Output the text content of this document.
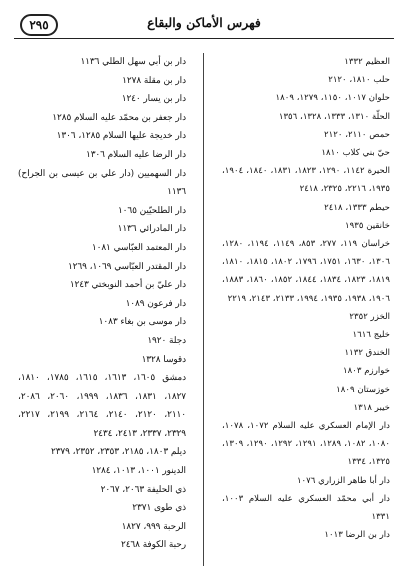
فهرس الأماكن والبقاع
٢٩٥

العظيم ١٣٣٢

حلب ١٨١٠، ٢١٢٠

حلوان ١٠١٧، ١١٥٠، ١٢٧٩، ١٨٠٩

الحلّة ١٣١٠، ١٣٣٣، ١٣٢٨، ١٣٥٦

حمص ٢١١٠، ٢١٢٠

حيّ بني كلاب ١٨١٠

الحيرة ١١٤٢، ١٢٩٠، ١٨٢٣، ١٨٣١، ١٨٤٠، ١٩٠٤، ١٩٣٥، ٢٢١٦، ٢٣٢٥، ٢٤١٨

حيطم ١٣٣٣، ٢٤١٨

خانقين ١٩٣٥

خراسان ١١٩، ٢٧٧، ٨٥٣، ١١٤٩، ١١٩٤، ١٢٨٠، ١٣٠٦، ١٦٣٠، ١٧٥١، ١٧٩٦، ١٨٠٢، ١٨١٥، ١٨١٠، ١٨١٩، ١٨٢٣، ١٨٣٤، ١٨٤٤، ١٨٥٢، ١٨٦٠، ١٨٨٣، ١٩٠٦، ١٩٣٨، ١٩٣٥، ١٩٩٤، ٢١٣٣، ٢١٤٣، ٢٢١٩

الخزر ٢٣٥٢

خليج ١٦١٦

الخندق ١١٣٢

خوارزم ١٨٠٣

خوزستان ١٨٠٩

خيبر ١٣١٨

دار الإمام العسكري عليه السلام ١٠٧٢، ١٠٧٨، ١٠٨٠، ١٠٨٢، ١٢٨٩، ١٢٩١، ١٢٩٢، ١٢٩٠، ١٣٠٩، ١٣٢٥، ١٣٣٤

دار أبا طاهر الزراري ١٠٧٦

دار أبي محمّد العسكري عليه السلام ١٠٠٣، ١٣٣١

دار بن الرضا ١٠١٣

دار بن أبي سهل الطلي ١١٣٦

دار بن مقلة ١٢٧٨

دار بن يسار ١٢٤٠

دار جعفر بن محمّد عليه السلام ١٢٨٥

دار خديجة عليها السلام ١٢٨٥، ١٣٠٦

دار الرضا عليه السلام ١٣٠٦

دار السهميين (دار علي بن عيسى بن الجراح) ١١٣٦

دار الطلحيّين ١٠٦٥

دار المادرائي ١١٣٦

دار المعتمد العبّاسي ١٠٨١

دار المقتدر العبّاسي ١٠٦٩، ١٢٦٩

دار عليّ بن أحمد النوبختي ١٢٤٣

دار فرعون ١٠٨٩

دار موسى بن بغاء ١٠٨٣

دجلة ١٩٢٠

دقوسا ١٣٢٨

دمشق ١٦٠٥، ١٦١٣، ١٦١٥، ١٧٨٥، ١٨١٠، ١٨٢٧، ١٨٣١، ١٨٣٦، ١٩٩٩، ٢٠٦٠، ٢٠٨٦، ٢١١٠، ٢١٢٠، ٢١٤٠، ٢١٦٤، ٢١٩٩، ٢٢١٧، ٢٣٢٩، ٢٣٣٧، ٢٤١٣، ٢٤٣٤

ديلم ١٨٠٣، ٢١٨٥، ٢٣٥٣، ٢٣٥٢، ٢٣٧٩

الدينور ١٠٠١، ١٠١٣، ١٢٨٤

ذي الحليفة ٢٠٦٣، ٢٠٦٧

ذي طوى ٢٣٧١

الرحبة ٩٩٩، ١٨٢٧

رحبة الكوفة ٢٤٦٨
